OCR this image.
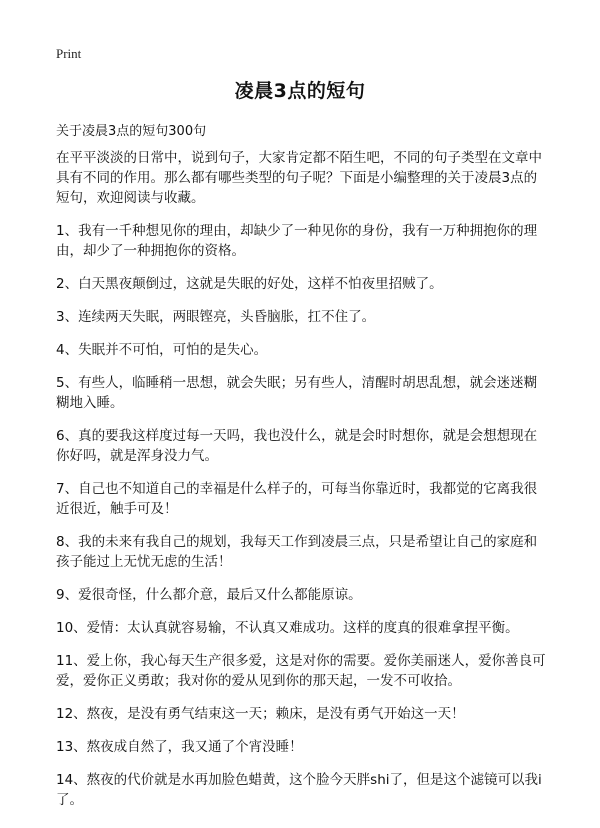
Print
凌晨3点的短句

关于凌晨3点的短句300句

在平平淡淡的日常中，说到句子，大家肯定都不陌生吧，不同的句子类型在文章中具有不同的作用。那么都有哪些类型的句子呢？下面是小编整理的关于凌晨3点的短句，欢迎阅读与收藏。

1、我有一千种想见你的理由，却缺少了一种见你的身份，我有一万种拥抱你的理由，却少了一种拥抱你的资格。

2、白天黑夜颠倒过，这就是失眠的好处，这样不怕夜里招贼了。

3、连续两天失眠，两眼铿亮，头昏脑胀，扛不住了。

4、失眠并不可怕，可怕的是失心。

5、有些人，临睡稍一思想，就会失眠；另有些人，清醒时胡思乱想，就会迷迷糊糊地入睡。

6、真的要我这样度过每一天吗，我也没什么，就是会时时想你，就是会想想现在你好吗，就是浑身没力气。

7、自己也不知道自己的幸福是什么样子的，可每当你靠近时，我都觉的它离我很近很近，触手可及！

8、我的未来有我自己的规划，我每天工作到凌晨三点，只是希望让自己的家庭和孩子能过上无忧无虑的生活！

9、爱很奇怪，什么都介意，最后又什么都能原谅。

10、爱情：太认真就容易输，不认真又难成功。这样的度真的很难拿捏平衡。

11、爱上你，我心每天生产很多爱，这是对你的需要。爱你美丽迷人，爱你善良可爱，爱你正义勇敢；我对你的爱从见到你的那天起，一发不可收拾。

12、熬夜，是没有勇气结束这一天；赖床，是没有勇气开始这一天！

13、熬夜成自然了，我又通了个宵没睡！

14、熬夜的代价就是水再加脸色蜡黄，这个脸今天胖shi了，但是这个滤镜可以我i了。
